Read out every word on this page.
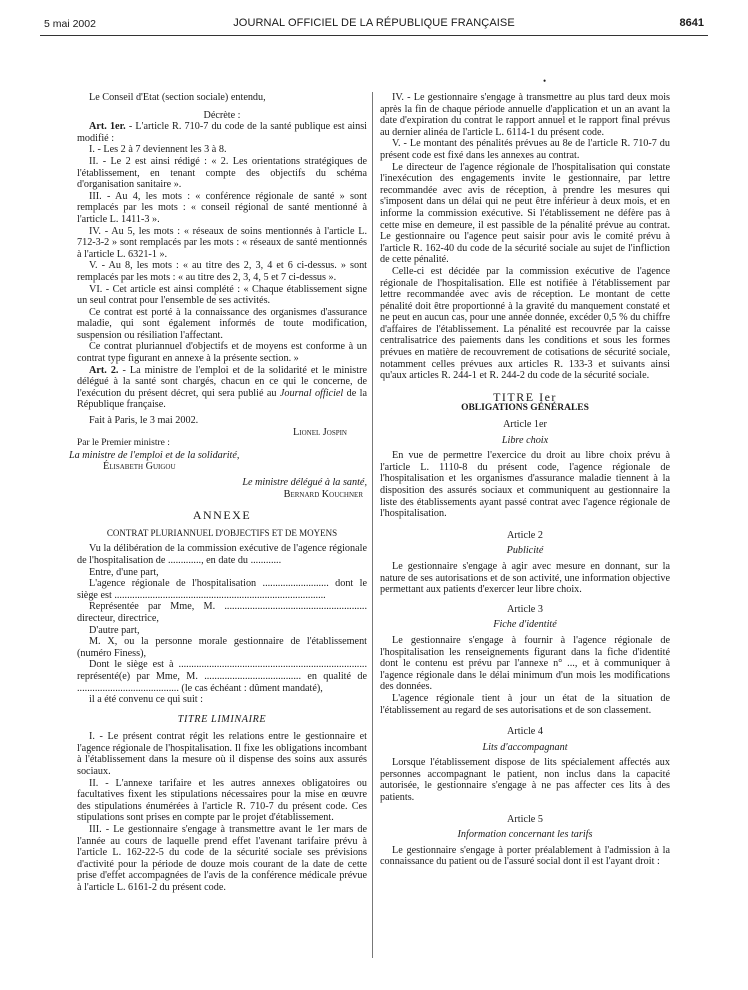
5 mai 2002	JOURNAL OFFICIEL DE LA RÉPUBLIQUE FRANÇAISE	8641
•

Le Conseil d'Etat (section sociale) entendu,

Décrète :

Art. 1er. - L'article R. 710-7 du code de la santé publique est ainsi modifié :

I. - Les 2 à 7 deviennent les 3 à 8.

II. - Le 2 est ainsi rédigé : « 2. Les orientations stratégiques de l'établissement, en tenant compte des objectifs du schéma d'organisation sanitaire ».

III. - Au 4, les mots : « conférence régionale de santé » sont remplacés par les mots : « conseil régional de santé mentionné à l'article L. 1411-3 ».

IV. - Au 5, les mots : « réseaux de soins mentionnés à l'article L. 712-3-2 » sont remplacés par les mots : « réseaux de santé mentionnés à l'article L. 6321-1 ».

V. - Au 8, les mots : « au titre des 2, 3, 4 et 6 ci-dessus. » sont remplacés par les mots : « au titre des 2, 3, 4, 5 et 7 ci-dessus ».

VI. - Cet article est ainsi complété : « Chaque établissement signe un seul contrat pour l'ensemble de ses activités.

Ce contrat est porté à la connaissance des organismes d'assurance maladie, qui sont également informés de toute modification, suspension ou résiliation l'affectant.

Ce contrat pluriannuel d'objectifs et de moyens est conforme à un contrat type figurant en annexe à la présente section. »

Art. 2. - La ministre de l'emploi et de la solidarité et le ministre délégué à la santé sont chargés, chacun en ce qui le concerne, de l'exécution du présent décret, qui sera publié au Journal officiel de la République française.

Fait à Paris, le 3 mai 2002.

Lionel Jospin

Par le Premier ministre :

La ministre de l'emploi et de la solidarité,

Élisabeth Guigou

Le ministre délégué à la santé,

Bernard Kouchner

ANNEXE

CONTRAT PLURIANNUEL D'OBJECTIFS ET DE MOYENS

Vu la délibération de la commission exécutive de l'agence régionale de l'hospitalisation de ............., en date du ............

Entre, d'une part,

L'agence régionale de l'hospitalisation .......................... dont le siège est ...................................................................................

Représentée par Mme, M. ........................................................ directeur, directrice,

D'autre part,

M. X, ou la personne morale gestionnaire de l'établissement (numéro Finess),

Dont le siège est à .......................................................................... représenté(e) par Mme, M. ...................................... en qualité de ........................................ (le cas échéant : dûment mandaté),

il a été convenu ce qui suit :

TITRE LIMINAIRE

I. - Le présent contrat régit les relations entre le gestionnaire et l'agence régionale de l'hospitalisation. Il fixe les obligations incombant à l'établissement dans la mesure où il dispense des soins aux assurés sociaux.

II. - L'annexe tarifaire et les autres annexes obligatoires ou facultatives fixent les stipulations nécessaires pour la mise en œuvre des stipulations énumérées à l'article R. 710-7 du présent code. Ces stipulations sont prises en compte par le projet d'établissement.

III. - Le gestionnaire s'engage à transmettre avant le 1er mars de l'année au cours de laquelle prend effet l'avenant tarifaire prévu à l'article L. 162-22-5 du code de la sécurité sociale ses prévisions d'activité pour la période de douze mois courant de la date de cette prise d'effet accompagnées de l'avis de la conférence médicale prévue à l'article L. 6161-2 du présent code.

IV. - Le gestionnaire s'engage à transmettre au plus tard deux mois après la fin de chaque période annuelle d'application et un an avant la date d'expiration du contrat le rapport annuel et le rapport final prévus au dernier alinéa de l'article L. 6114-1 du présent code.

V. - Le montant des pénalités prévues au 8e de l'article R. 710-7 du présent code est fixé dans les annexes au contrat.

Le directeur de l'agence régionale de l'hospitalisation qui constate l'inexécution des engagements invite le gestionnaire, par lettre recommandée avec avis de réception, à prendre les mesures qui s'imposent dans un délai qui ne peut être inférieur à deux mois, et en informe la commission exécutive. Si l'établissement ne défère pas à cette mise en demeure, il est passible de la pénalité prévue au contrat. Le gestionnaire ou l'agence peut saisir pour avis le comité prévu à l'article R. 162-40 du code de la sécurité sociale au sujet de l'infliction de cette pénalité.

Celle-ci est décidée par la commission exécutive de l'agence régionale de l'hospitalisation. Elle est notifiée à l'établissement par lettre recommandée avec avis de réception. Le montant de cette pénalité doit être proportionné à la gravité du manquement constaté et ne peut en aucun cas, pour une année donnée, excéder 0,5 % du chiffre d'affaires de l'établissement. La pénalité est recouvrée par la caisse centralisatrice des paiements dans les conditions et sous les formes prévues en matière de recouvrement de cotisations de sécurité sociale, notamment celles prévues aux articles R. 133-3 et suivants ainsi qu'aux articles R. 244-1 et R. 244-2 du code de la sécurité sociale.

TITRE Ier

OBLIGATIONS GÉNÉRALES

Article 1er

Libre choix

En vue de permettre l'exercice du droit au libre choix prévu à l'article L. 1110-8 du présent code, l'agence régionale de l'hospitalisation et les organismes d'assurance maladie tiennent à la disposition des assurés sociaux et communiquent au gestionnaire la liste des établissements ayant passé contrat avec l'agence régionale de l'hospitalisation.

Article 2

Publicité

Le gestionnaire s'engage à agir avec mesure en donnant, sur la nature de ses autorisations et de son activité, une information objective permettant aux patients d'exercer leur libre choix.

Article 3

Fiche d'identité

Le gestionnaire s'engage à fournir à l'agence régionale de l'hospitalisation les renseignements figurant dans la fiche d'identité dont le contenu est prévu par l'annexe n° ..., et à communiquer à l'agence régionale dans le délai minimum d'un mois les modifications des données.

L'agence régionale tient à jour un état de la situation de l'établissement au regard de ses autorisations et de son classement.

Article 4

Lits d'accompagnant

Lorsque l'établissement dispose de lits spécialement affectés aux personnes accompagnant le patient, non inclus dans la capacité autorisée, le gestionnaire s'engage à ne pas affecter ces lits à des patients.

Article 5

Information concernant les tarifs

Le gestionnaire s'engage à porter préalablement à l'admission à la connaissance du patient ou de l'assuré social dont il est l'ayant droit :
